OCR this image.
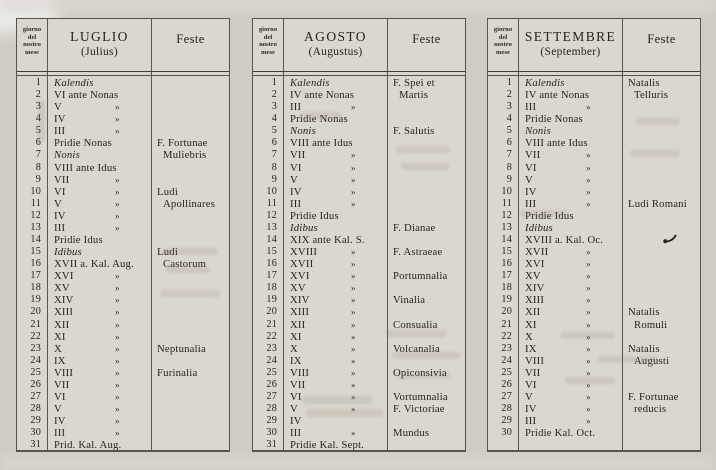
giorno
del
nostro
mese
LUGLIO
(Julius)
Feste
1	Kalendis
2	VI ante Nonas
3	V	»
4	IV	»
5	III	»
6	Pridie Nonas	F. Fortunae
7	Nonis	Muliebris
8	VIII ante Idus
9	VII	»
10	VI	»	Ludi
11	V	»	Apollinares
12	IV	»
13	III	»
14	Pridie Idus
15	Idibus	Ludi
16	XVII a. Kal. Aug.	Castorum
17	XVI	»
18	XV	»
19	XIV	»
20	XIII	»
21	XII	»
22	XI	»
23	X	»	Neptunalia
24	IX	»
25	VIII	»	Furinalia
26	VII	»
27	VI	»
28	V	»
29	IV	»
30	III	»
31	Prid. Kal. Aug.
giorno
del
nostro
mese
AGOSTO
(Augustus)
Feste
1	Kalendis	F. Spei et
2	IV ante Nonas	Martis
3	III	»
4	Pridie Nonas
5	Nonis	F. Salutis
6	VIII ante Idus
7	VII	»
8	VI	»
9	V	»
10	IV	»
11	III	»
12	Pridie Idus
13	Idibus	F. Dianae
14	XIX ante Kal. S.
15	XVIII	»	F. Astraeae
16	XVII	»
17	XVI	»	Portumnalia
18	XV	»
19	XIV	»	Vinalia
20	XIII	»
21	XII	»	Consualia
22	XI	»
23	X	»	Volcanalia
24	IX	»
25	VIII	»	Opiconsivia
26	VII	»
27	VI	»	Vortumnalia
28	V	»	F. Victoriae
29	IV
30	III	»	Mundus
31	Pridie Kal. Sept.
giorno
del
nostro
mese
SETTEMBRE
(September)
Feste
1	Kalendis	Natalis
2	IV ante Nonas	Telluris
3	III	»
4	Pridie Nonas
5	Nonis
6	VIII ante Idus
7	VII	»
8	VI	»
9	V	»
10	IV	»
11	III	»	Ludi Romani
12	Pridie Idus
13	Idibus
14	XVIII a. Kal. Oc.
15	XVII	»
16	XVI	»
17	XV	»
18	XIV	»
19	XIII	»
20	XII	»	Natalis
21	XI	»	Romuli
22	X	»
23	IX	»	Natalis
24	VIII	»	Augusti
25	VII	»
26	VI	»
27	V	»	F. Fortunae
28	IV	»	reducis
29	III	»
30	Pridie Kal. Oct.
